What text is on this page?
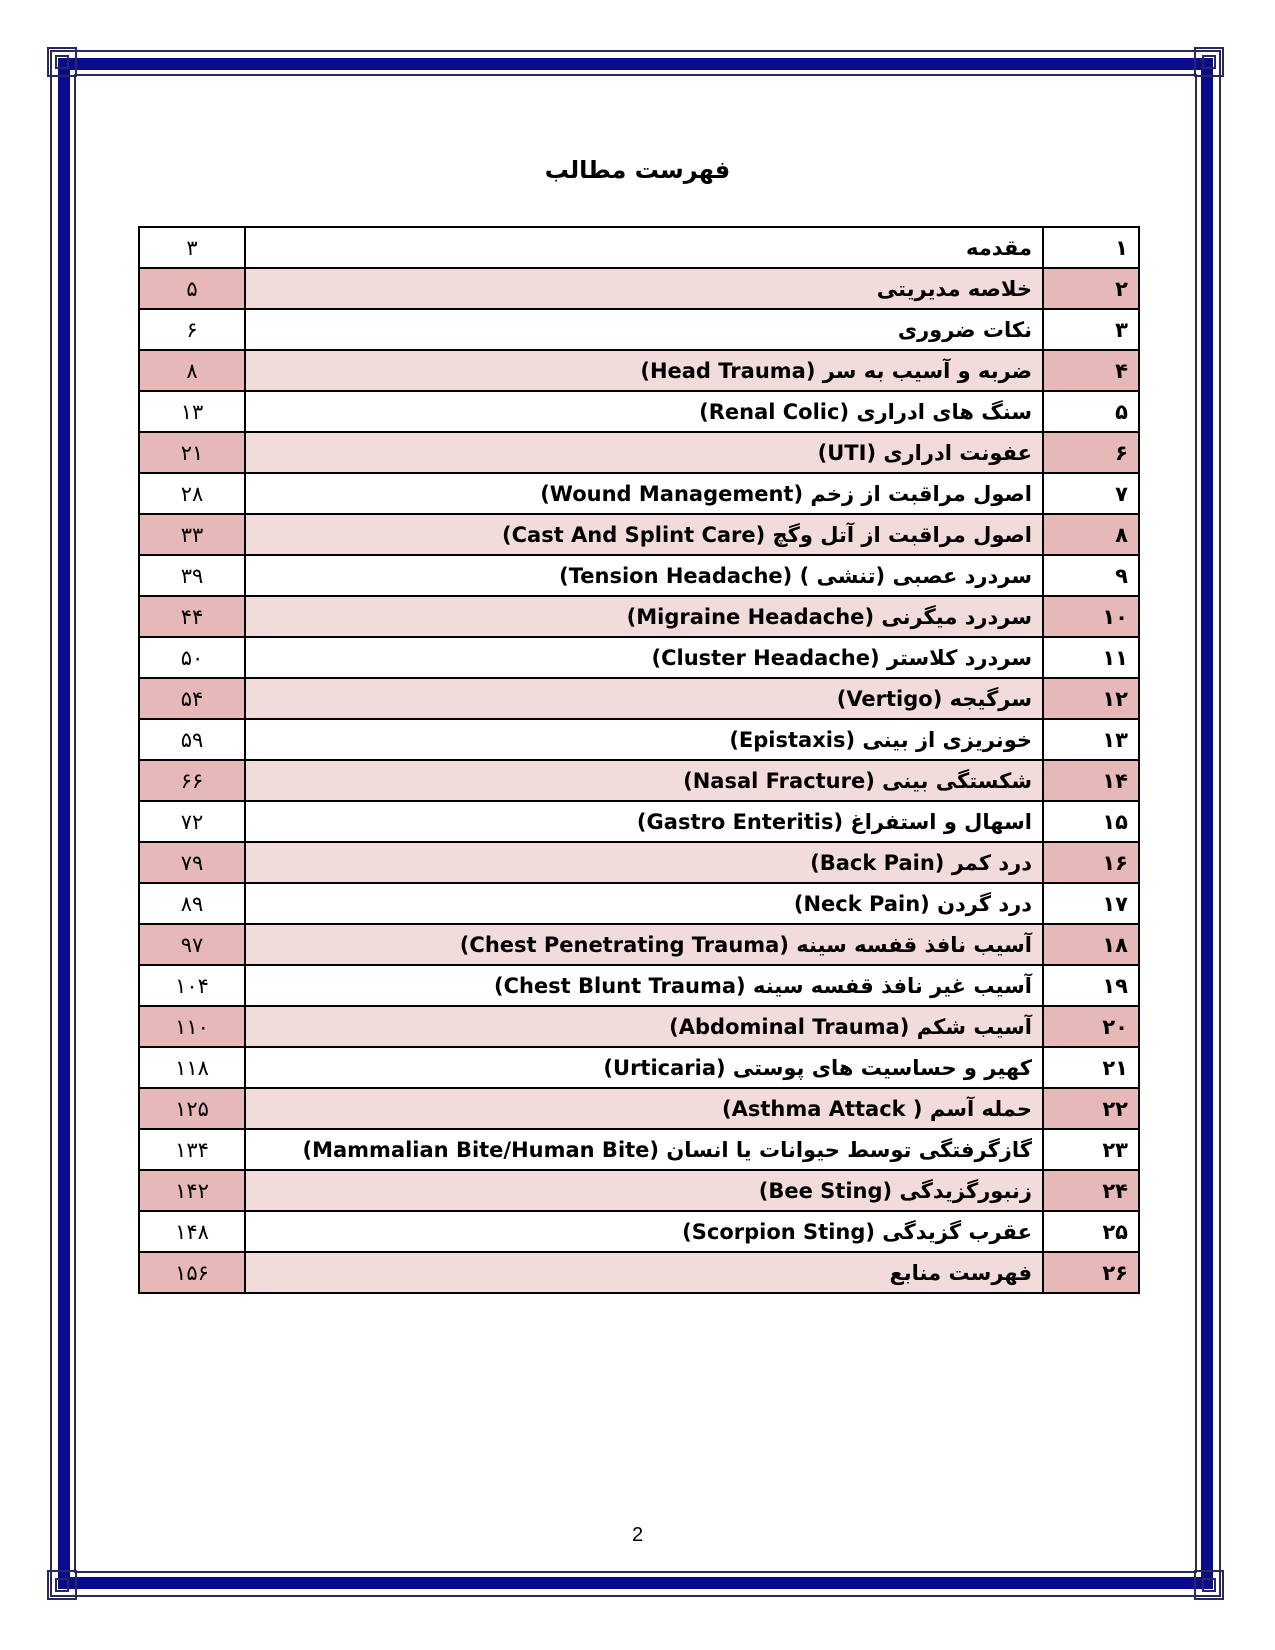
فهرست مطالب
۱	مقدمه	۳
۲	خلاصه مدیریتی	۵
۳	نکات ضروری	۶
۴	ضربه و آسیب به سر (Head Trauma)	۸
۵	سنگ های ادراری (Renal Colic)	۱۳
۶	عفونت ادراری (UTI)	۲۱
۷	اصول مراقبت از زخم (Wound Management)	۲۸
۸	اصول مراقبت از آتل وگچ (Cast And Splint Care)	۳۳
۹	سردرد عصبی (تنشی ) (Tension Headache)	۳۹
۱۰	سردرد میگرنی (Migraine Headache)	۴۴
۱۱	سردرد کلاستر (Cluster Headache)	۵۰
۱۲	سرگیجه (Vertigo)	۵۴
۱۳	خونریزی از بینی (Epistaxis)	۵۹
۱۴	شکستگی بینی (Nasal Fracture)	۶۶
۱۵	اسهال و استفراغ (Gastro Enteritis)	۷۲
۱۶	درد کمر (Back Pain)	۷۹
۱۷	درد گردن (Neck Pain)	۸۹
۱۸	آسیب نافذ قفسه سینه (Chest Penetrating Trauma)	۹۷
۱۹	آسیب غیر نافذ قفسه سینه (Chest Blunt Trauma)	۱۰۴
۲۰	آسیب شکم (Abdominal Trauma)	۱۱۰
۲۱	کهیر و حساسیت های پوستی (Urticaria)	۱۱۸
۲۲	حمله آسم ( Asthma Attack)	۱۲۵
۲۳	گازگرفتگی توسط حیوانات یا انسان (Mammalian Bite/Human Bite)	۱۳۴
۲۴	زنبورگزیدگی (Bee Sting)	۱۴۲
۲۵	عقرب گزیدگی (Scorpion Sting)	۱۴۸
۲۶	فهرست منابع	۱۵۶
2
